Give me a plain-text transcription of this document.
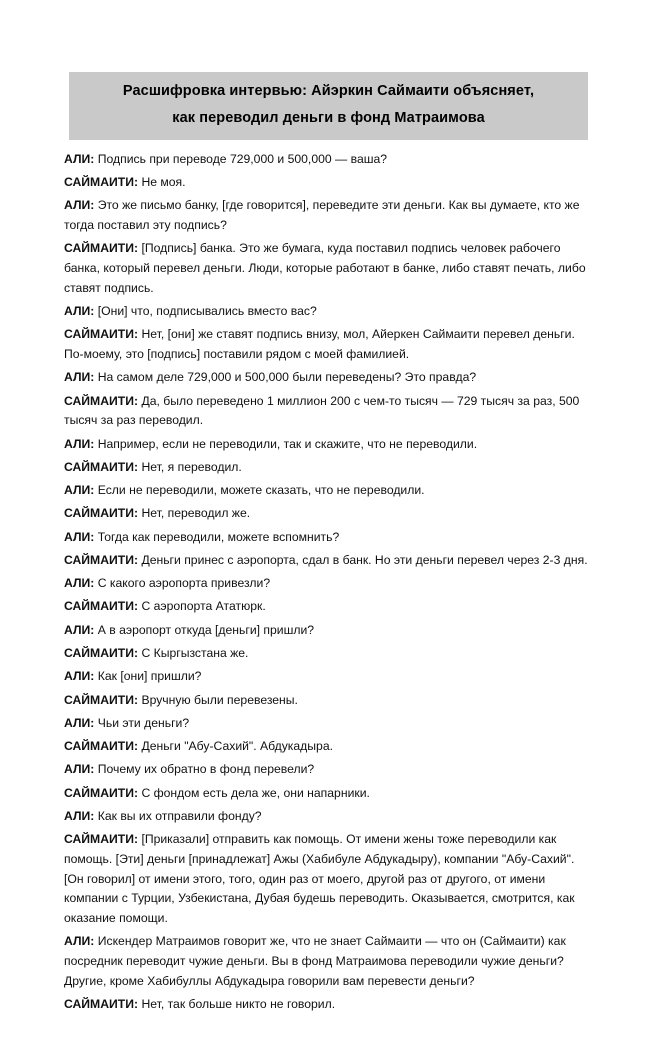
Расшифровка интервью: Айэркин Саймаити объясняет,
как переводил деньги в фонд Матраимова

АЛИ: Подпись при переводе 729,000 и 500,000 — ваша?

САЙМАИТИ: Не моя.

АЛИ: Это же письмо банку, [где говорится], переведите эти деньги. Как вы думаете, кто же тогда поставил эту подпись?

САЙМАИТИ: [Подпись] банка. Это же бумага, куда поставил подпись человек рабочего банка, который перевел деньги. Люди, которые работают в банке, либо ставят печать, либо ставят подпись.

АЛИ: [Они] что, подписывались вместо вас?

САЙМАИТИ: Нет, [они] же ставят подпись внизу, мол, Айеркен Саймаити перевел деньги. По-моему, это [подпись] поставили рядом с моей фамилией.

АЛИ: На самом деле 729,000 и 500,000 были переведены? Это правда?

САЙМАИТИ: Да, было переведено 1 миллион 200 с чем-то тысяч — 729 тысяч за раз, 500 тысяч за раз переводил.

АЛИ: Например, если не переводили, так и скажите, что не переводили.

САЙМАИТИ: Нет, я переводил.

АЛИ: Если не переводили, можете сказать, что не переводили.

САЙМАИТИ: Нет, переводил же.

АЛИ: Тогда как переводили, можете вспомнить?

САЙМАИТИ: Деньги принес с аэропорта, сдал в банк. Но эти деньги перевел через 2-3 дня.

АЛИ: С какого аэропорта привезли?

САЙМАИТИ: С аэропорта Ататюрк.

АЛИ: А в аэропорт откуда [деньги] пришли?

САЙМАИТИ: С Кыргызстана же.

АЛИ: Как [они] пришли?

САЙМАИТИ: Вручную были перевезены.

АЛИ: Чьи эти деньги?

САЙМАИТИ: Деньги "Абу-Сахий". Абдукадыра.

АЛИ: Почему их обратно в фонд перевели?

САЙМАИТИ: С фондом есть дела же, они напарники.

АЛИ: Как вы их отправили фонду?

САЙМАИТИ: [Приказали] отправить как помощь. От имени жены тоже переводили как помощь. [Эти] деньги [принадлежат] Ажы (Хабибуле Абдукадыру), компании "Абу-Сахий". [Он говорил] от имени этого, того, один раз от моего, другой раз от другого, от имени компании с Турции, Узбекистана, Дубая будешь переводить. Оказывается, смотрится, как оказание помощи.

АЛИ: Искендер Матраимов говорит же, что не знает Саймаити — что он (Саймаити) как посредник переводит чужие деньги. Вы в фонд Матраимова переводили чужие деньги? Другие, кроме Хабибуллы Абдукадыра говорили вам перевести деньги?

САЙМАИТИ: Нет, так больше никто не говорил.
